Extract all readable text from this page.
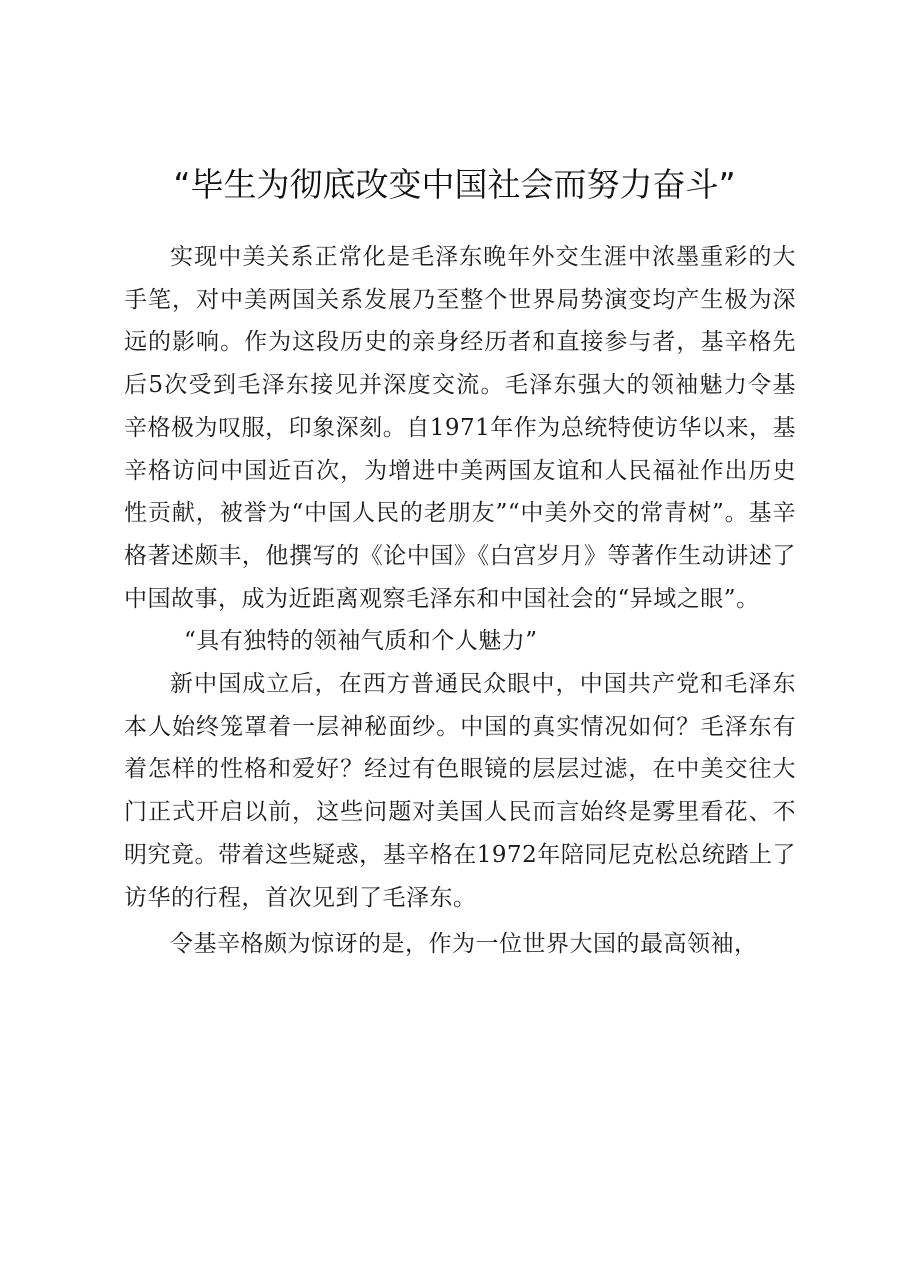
“毕生为彻底改变中国社会而努力奋斗”

实现中美关系正常化是毛泽东晚年外交生涯中浓墨重彩的大手笔，对中美两国关系发展乃至整个世界局势演变均产生极为深远的影响。作为这段历史的亲身经历者和直接参与者，基辛格先后5次受到毛泽东接见并深度交流。毛泽东强大的领袖魅力令基辛格极为叹服，印象深刻。自1971年作为总统特使访华以来，基辛格访问中国近百次，为增进中美两国友谊和人民福祉作出历史性贡献，被誉为“中国人民的老朋友”“中美外交的常青树”。基辛格著述颇丰，他撰写的《论中国》《白宫岁月》等著作生动讲述了中国故事，成为近距离观察毛泽东和中国社会的“异域之眼”。

“具有独特的领袖气质和个人魅力”

新中国成立后，在西方普通民众眼中，中国共产党和毛泽东本人始终笼罩着一层神秘面纱。中国的真实情况如何？毛泽东有着怎样的性格和爱好？经过有色眼镜的层层过滤，在中美交往大门正式开启以前，这些问题对美国人民而言始终是雾里看花、不明究竟。带着这些疑惑，基辛格在1972年陪同尼克松总统踏上了访华的行程，首次见到了毛泽东。

令基辛格颇为惊讶的是，作为一位世界大国的最高领袖，
